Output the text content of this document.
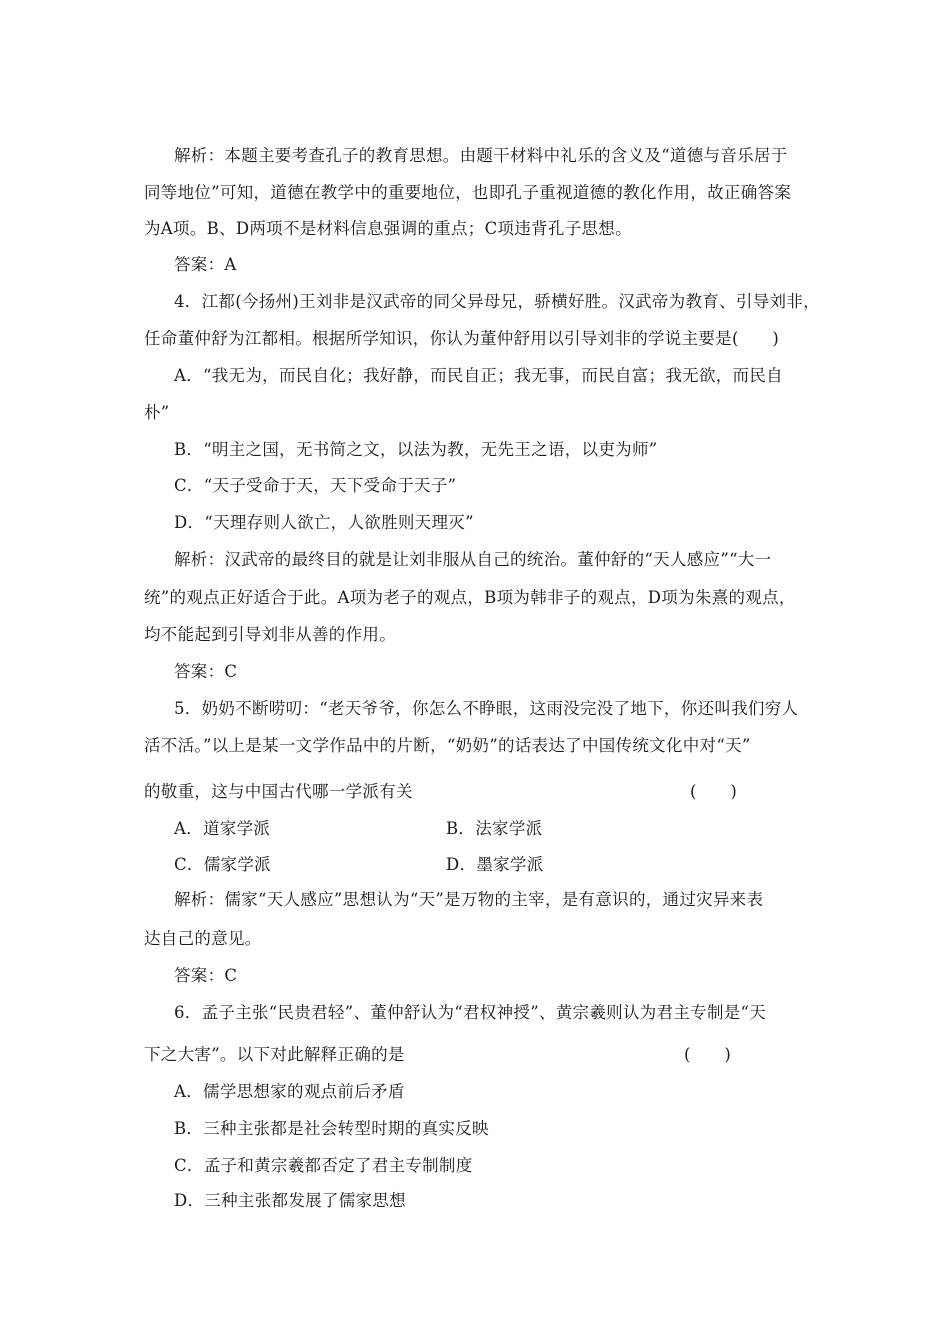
解析：本题主要考查孔子的教育思想。由题干材料中礼乐的含义及“道德与音乐居于
同等地位”可知，道德在教学中的重要地位，也即孔子重视道德的教化作用，故正确答案
为A项。B、D两项不是材料信息强调的重点；C项违背孔子思想。
答案：A
4．江都(今扬州)王刘非是汉武帝的同父异母兄，骄横好胜。汉武帝为教育、引导刘非，
任命董仲舒为江都相。根据所学知识，你认为董仲舒用以引导刘非的学说主要是(　　)
A．“我无为，而民自化；我好静，而民自正；我无事，而民自富；我无欲，而民自
朴”
B．“明主之国，无书简之文，以法为教，无先王之语，以吏为师”
C．“天子受命于天，天下受命于天子”
D．“天理存则人欲亡，人欲胜则天理灭”
解析：汉武帝的最终目的就是让刘非服从自己的统治。董仲舒的“天人感应”“大一
统”的观点正好适合于此。A项为老子的观点，B项为韩非子的观点，D项为朱熹的观点，
均不能起到引导刘非从善的作用。
答案：C
5．奶奶不断唠叨：“老天爷爷，你怎么不睁眼，这雨没完没了地下，你还叫我们穷人
活不活。”以上是某一文学作品中的片断，“奶奶”的话表达了中国传统文化中对“天”
的敬重，这与中国古代哪一学派有关	(　　)
A．道家学派	B．法家学派
C．儒家学派	D．墨家学派
解析：儒家“天人感应”思想认为“天”是万物的主宰，是有意识的，通过灾异来表
达自己的意见。
答案：C
6．孟子主张“民贵君轻”、董仲舒认为“君权神授”、黄宗羲则认为君主专制是“天
下之大害”。以下对此解释正确的是	(　　)
A．儒学思想家的观点前后矛盾
B．三种主张都是社会转型时期的真实反映
C．孟子和黄宗羲都否定了君主专制制度
D．三种主张都发展了儒家思想
